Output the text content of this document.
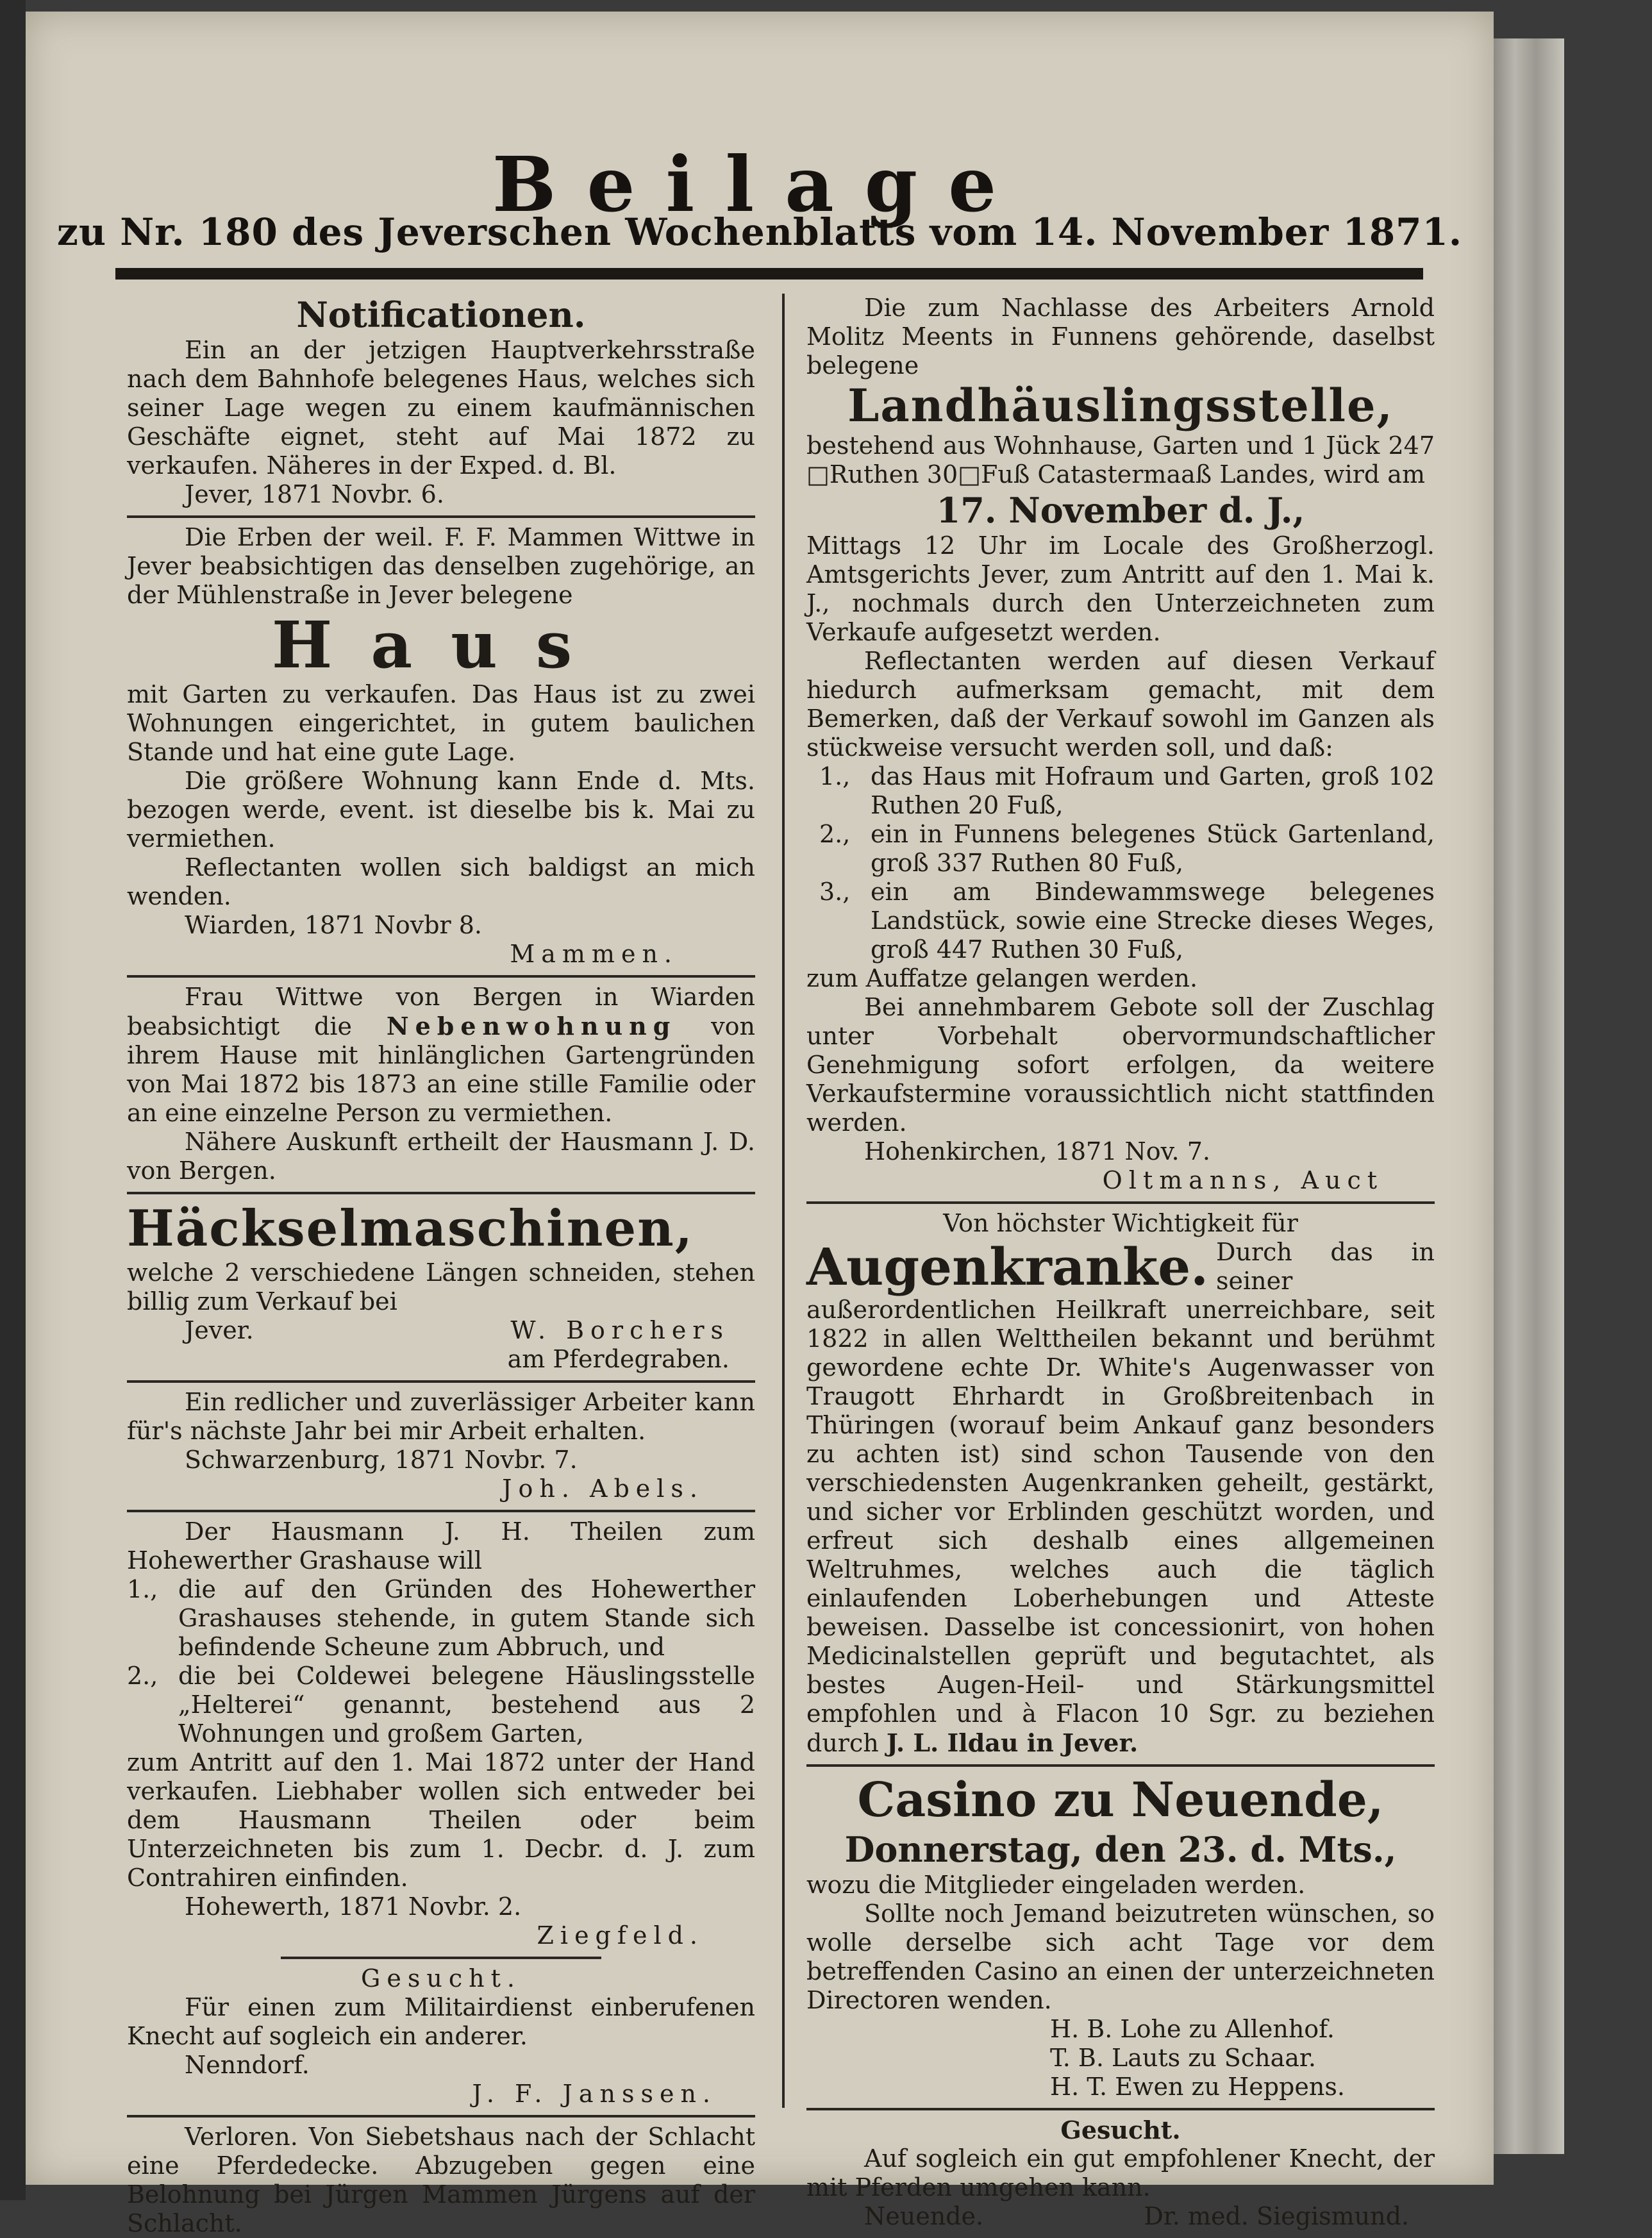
Beilage
zu Nr. 180 des Jeverschen Wochenblatts vom 14. November 1871.
Notificationen.

Ein an der jetzigen Hauptverkehrsstraße nach dem Bahnhofe belegenes Haus, welches sich seiner Lage wegen zu einem kaufmännischen Geschäfte eignet, steht auf Mai 1872 zu verkaufen. Näheres in der Exped. d. Bl.

Jever, 1871 Novbr. 6.

Die Erben der weil. F. F. Mammen Wittwe in Jever beabsichtigen das denselben zugehörige, an der Mühlenstraße in Jever belegene

Haus

mit Garten zu verkaufen. Das Haus ist zu zwei Wohnungen eingerichtet, in gutem baulichen Stande und hat eine gute Lage.

Die größere Wohnung kann Ende d. Mts. bezogen werde, event. ist dieselbe bis k. Mai zu vermiethen.

Reflectanten wollen sich baldigst an mich wenden.

Wiarden, 1871 Novbr 8.

Mammen.

Frau Wittwe von Bergen in Wiarden beabsichtigt die Nebenwohnung von ihrem Hause mit hinlänglichen Gartengründen von Mai 1872 bis 1873 an eine stille Familie oder an eine einzelne Person zu vermiethen.

Nähere Auskunft ertheilt der Hausmann J. D. von Bergen.

Häckselmaschinen,

welche 2 verschiedene Längen schneiden, stehen billig zum Verkauf bei

Jever.	W. Borchers
am Pferdegraben.

Ein redlicher und zuverlässiger Arbeiter kann für's nächste Jahr bei mir Arbeit erhalten.

Schwarzenburg, 1871 Novbr. 7.

Joh. Abels.

Der Hausmann J. H. Theilen zum Hohewerther Grashause will

1., die auf den Gründen des Hohewerther Grashauses stehende, in gutem Stande sich befindende Scheune zum Abbruch, und
2., die bei Coldewei belegene Häuslingsstelle „Helterei“ genannt, bestehend aus 2 Wohnungen und großem Garten,

zum Antritt auf den 1. Mai 1872 unter der Hand verkaufen. Liebhaber wollen sich entweder bei dem Hausmann Theilen oder beim Unterzeichneten bis zum 1. Decbr. d. J. zum Contrahiren einfinden.

Hohewerth, 1871 Novbr. 2.

Ziegfeld.
Gesucht.

Für einen zum Militairdienst einberufenen Knecht auf sogleich ein anderer.

Nenndorf.

J. F. Janssen.

Verloren. Von Siebetshaus nach der Schlacht eine Pferdedecke. Abzugeben gegen eine Belohnung bei Jürgen Mammen Jürgens auf der Schlacht.

Die zum Nachlasse des Arbeiters Arnold Molitz Meents in Funnens gehörende, daselbst belegene

Landhäuslingsstelle,

bestehend aus Wohnhause, Garten und 1 Jück 247 □Ruthen 30□Fuß Catastermaaß Landes, wird am

17. November d. J.,

Mittags 12 Uhr im Locale des Großherzogl. Amtsgerichts Jever, zum Antritt auf den 1. Mai k. J., nochmals durch den Unterzeichneten zum Verkaufe aufgesetzt werden.

Reflectanten werden auf diesen Verkauf hiedurch aufmerksam gemacht, mit dem Bemerken, daß der Verkauf sowohl im Ganzen als stückweise versucht werden soll, und daß:

1., das Haus mit Hofraum und Garten, groß 102 Ruthen 20 Fuß,
2., ein in Funnens belegenes Stück Gartenland, groß 337 Ruthen 80 Fuß,
3., ein am Bindewammswege belegenes Landstück, sowie eine Strecke dieses Weges, groß 447 Ruthen 30 Fuß,

zum Auffatze gelangen werden.

Bei annehmbarem Gebote soll der Zuschlag unter Vorbehalt obervormundschaftlicher Genehmigung sofort erfolgen, da weitere Verkaufstermine voraussichtlich nicht stattfinden werden.

Hohenkirchen, 1871 Nov. 7.

Oltmanns, Auct
Von höchster Wichtigkeit für
Augenkranke. Durch das in seiner außerordentlichen Heilkraft unerreichbare, seit 1822 in allen Welttheilen bekannt und berühmt gewordene echte Dr. White's Augenwasser von Traugott Ehrhardt in Großbreitenbach in Thüringen (worauf beim Ankauf ganz besonders zu achten ist) sind schon Tausende von den verschiedensten Augenkranken geheilt, gestärkt, und sicher vor Erblinden geschützt worden, und erfreut sich deshalb eines allgemeinen Weltruhmes, welches auch die täglich einlaufenden Loberhebungen und Atteste beweisen. Dasselbe ist concessionirt, von hohen Medicinalstellen geprüft und begutachtet, als bestes Augen-Heil- und Stärkungsmittel empfohlen und à Flacon 10 Sgr. zu beziehen durch J. L. Ildau in Jever.
Casino zu Neuende,
Donnerstag, den 23. d. Mts.,

wozu die Mitglieder eingeladen werden.

Sollte noch Jemand beizutreten wünschen, so wolle derselbe sich acht Tage vor dem betreffenden Casino an einen der unterzeichneten Directoren wenden.

H. B. Lohe zu Allenhof.
T. B. Lauts zu Schaar.
H. T. Ewen zu Heppens.
Gesucht.

Auf sogleich ein gut empfohlener Knecht, der mit Pferden umgehen kann.

Neuende.	Dr. med. Siegismund.
